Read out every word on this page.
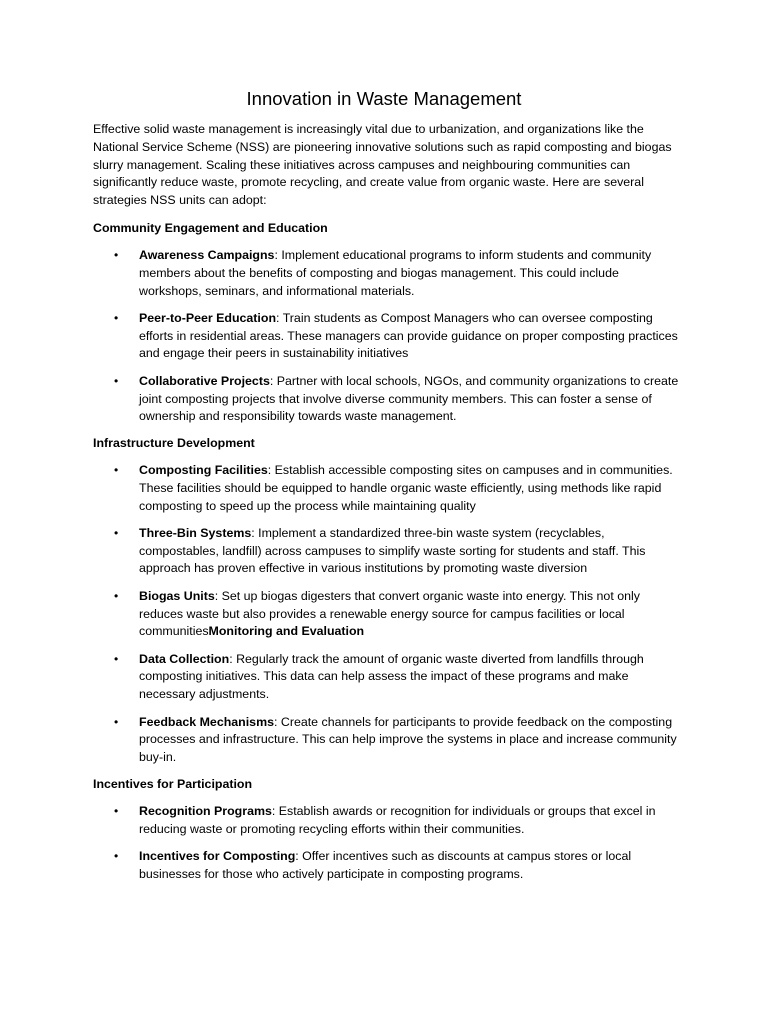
Innovation in Waste Management

Effective solid waste management is increasingly vital due to urbanization, and organizations like the National Service Scheme (NSS) are pioneering innovative solutions such as rapid composting and biogas slurry management. Scaling these initiatives across campuses and neighbouring communities can significantly reduce waste, promote recycling, and create value from organic waste. Here are several strategies NSS units can adopt:

Community Engagement and Education

• Awareness Campaigns: Implement educational programs to inform students and community members about the benefits of composting and biogas management. This could include workshops, seminars, and informational materials.
• Peer-to-Peer Education: Train students as Compost Managers who can oversee composting efforts in residential areas. These managers can provide guidance on proper composting practices and engage their peers in sustainability initiatives
• Collaborative Projects: Partner with local schools, NGOs, and community organizations to create joint composting projects that involve diverse community members. This can foster a sense of ownership and responsibility towards waste management.

Infrastructure Development

• Composting Facilities: Establish accessible composting sites on campuses and in communities. These facilities should be equipped to handle organic waste efficiently, using methods like rapid composting to speed up the process while maintaining quality
• Three-Bin Systems: Implement a standardized three-bin waste system (recyclables, compostables, landfill) across campuses to simplify waste sorting for students and staff. This approach has proven effective in various institutions by promoting waste diversion
• Biogas Units: Set up biogas digesters that convert organic waste into energy. This not only reduces waste but also provides a renewable energy source for campus facilities or local communitiesMonitoring and Evaluation
• Data Collection: Regularly track the amount of organic waste diverted from landfills through composting initiatives. This data can help assess the impact of these programs and make necessary adjustments.
• Feedback Mechanisms: Create channels for participants to provide feedback on the composting processes and infrastructure. This can help improve the systems in place and increase community buy-in.

Incentives for Participation

• Recognition Programs: Establish awards or recognition for individuals or groups that excel in reducing waste or promoting recycling efforts within their communities.
• Incentives for Composting: Offer incentives such as discounts at campus stores or local businesses for those who actively participate in composting programs.
